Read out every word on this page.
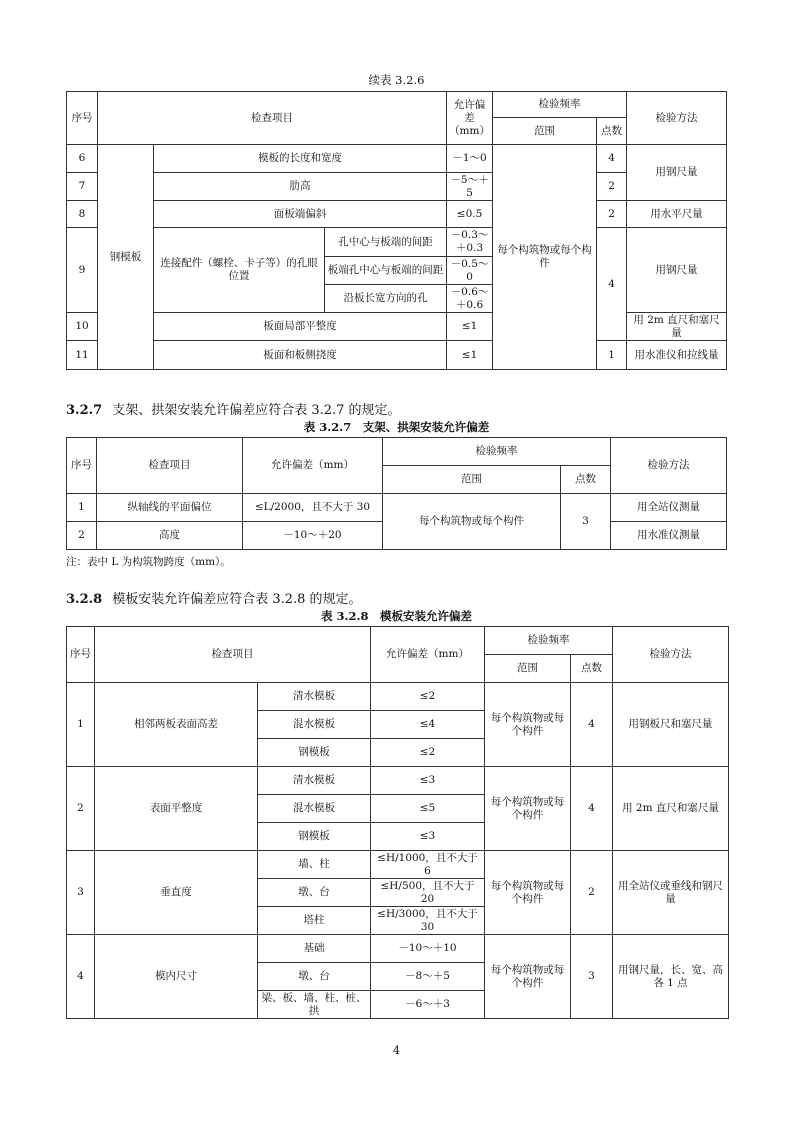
续表 3.2.6
序号	检查项目			允许偏差（mm）	检验频率		检验方法
					范围	点数	
6	钢模板	模板的长度和宽度		－1～0	每个构筑物或每个构件	4	用钢尺量
7		肋高		－5～＋5		2	
8		面板端偏斜		≤0.5		2	用水平尺量
9		连接配件（螺栓、卡子等）的孔眼位置	孔中心与板端的间距	－0.3～＋0.3		4	用钢尺量
			板端孔中心与板端的间距	－0.5～0			
			沿板长宽方向的孔	－0.6～＋0.6			
10		板面局部平整度		≤1			用 2m 直尺和塞尺量
11		板面和板侧挠度		≤1		1	用水准仪和拉线量
3.2.7 支架、拱架安装允许偏差应符合表 3.2.7 的规定。
表 3.2.7　支架、拱架安装允许偏差
序号	检查项目	允许偏差（mm）	检验频率		检验方法
			范围	点数	
1	纵轴线的平面偏位	≤L/2000，且不大于 30	每个构筑物或每个构件	3	用全站仪测量
2	高度	－10～＋20			用水准仪测量
注：表中 L 为构筑物跨度（mm）。
3.2.8 模板安装允许偏差应符合表 3.2.8 的规定。
表 3.2.8　模板安装允许偏差
序号	检查项目		允许偏差（mm）	检验频率		检验方法
				范围	点数	
1	相邻两板表面高差	清水模板	≤2	每个构筑物或每个构件	4	用钢板尺和塞尺量
		混水模板	≤4			
		钢模板	≤2			
2	表面平整度	清水模板	≤3	每个构筑物或每个构件	4	用 2m 直尺和塞尺量
		混水模板	≤5			
		钢模板	≤3			
3	垂直度	墙、柱	≤H/1000，且不大于 6	每个构筑物或每个构件	2	用全站仪或垂线和钢尺量
		墩、台	≤H/500，且不大于 20			
		塔柱	≤H/3000，且不大于 30			
4	模内尺寸	基础	－10～＋10	每个构筑物或每个构件	3	用钢尺量，长、宽、高各 1 点
		墩、台	－8～＋5			
		梁、板、墙、柱、桩、拱	－6～＋3			
4
